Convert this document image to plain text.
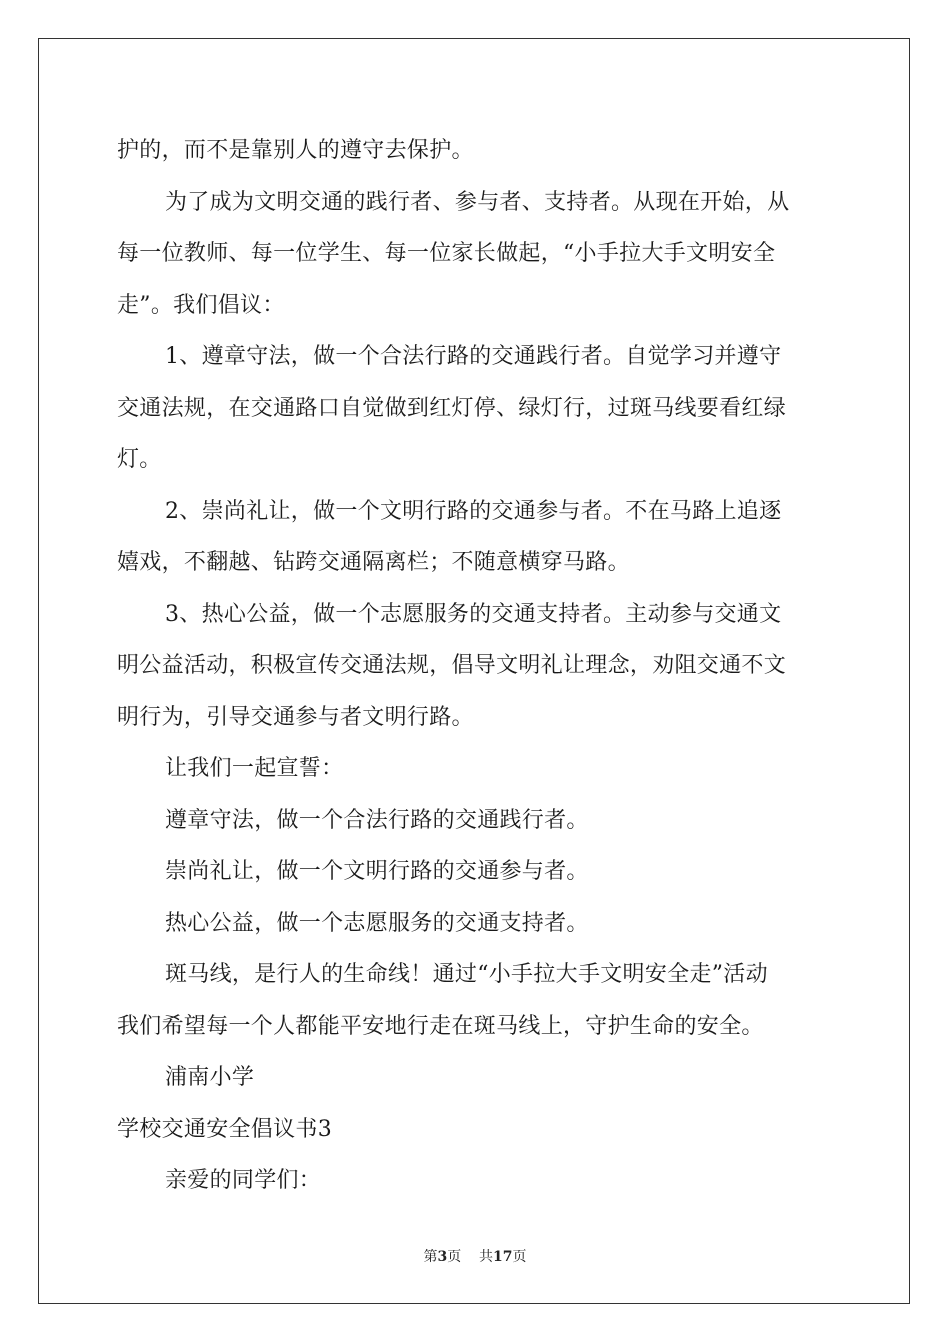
护的，而不是靠别人的遵守去保护。
为了成为文明交通的践行者、参与者、支持者。从现在开始，从
每一位教师、每一位学生、每一位家长做起，“小手拉大手文明安全
走”。我们倡议：
1、遵章守法，做一个合法行路的交通践行者。自觉学习并遵守
交通法规，在交通路口自觉做到红灯停、绿灯行，过斑马线要看红绿
灯。
2、崇尚礼让，做一个文明行路的交通参与者。不在马路上追逐
嬉戏，不翻越、钻跨交通隔离栏；不随意横穿马路。
3、热心公益，做一个志愿服务的交通支持者。主动参与交通文
明公益活动，积极宣传交通法规，倡导文明礼让理念，劝阻交通不文
明行为，引导交通参与者文明行路。
让我们一起宣誓：
遵章守法，做一个合法行路的交通践行者。
崇尚礼让，做一个文明行路的交通参与者。
热心公益，做一个志愿服务的交通支持者。
斑马线，是行人的生命线！通过“小手拉大手文明安全走”活动
我们希望每一个人都能平安地行走在斑马线上，守护生命的安全。
浦南小学
学校交通安全倡议书3
亲爱的同学们：
第3页 共17页
